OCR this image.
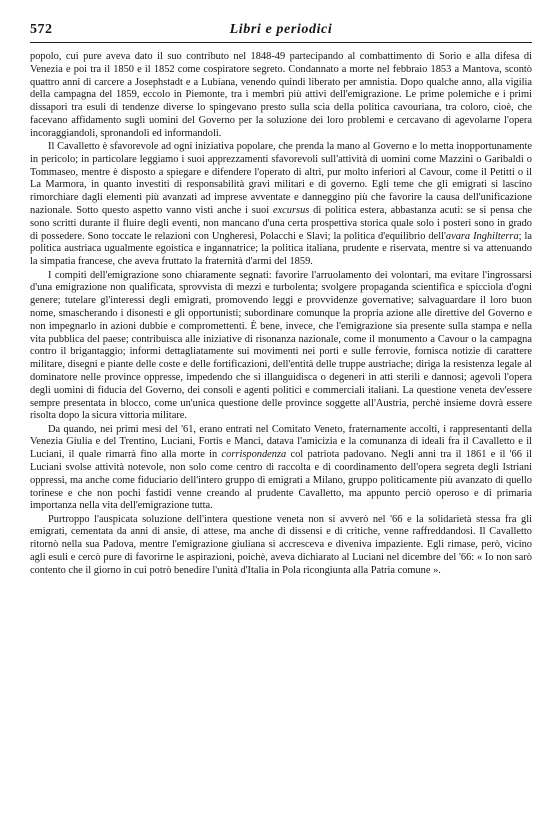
572	Libri e periodici

popolo, cui pure aveva dato il suo contributo nel 1848-49 partecipando al combattimento di Sorio e alla difesa di Venezia e poi tra il 1850 e il 1852 come cospiratore segreto. Condannato a morte nel febbraio 1853 a Mantova, scontò quattro anni di carcere a Josephstadt e a Lubiana, venendo quindi liberato per amnistia. Dopo qualche anno, alla vigilia della campagna del 1859, eccolo in Piemonte, tra i membri più attivi dell'emigrazione. Le prime polemiche e i primi dissapori tra esuli di tendenze diverse lo spingevano presto sulla scia della politica cavouriana, tra coloro, cioè, che facevano affidamento sugli uomini del Governo per la soluzione dei loro problemi e cercavano di agevolarne l'opera incoraggiandoli, spronandoli ed informandoli.

Il Cavalletto è sfavorevole ad ogni iniziativa popolare, che prenda la mano al Governo e lo metta inopportunamente in pericolo; in particolare leggiamo i suoi apprezzamenti sfavorevoli sull'attività di uomini come Mazzini o Garibaldi o Tommaseo, mentre è disposto a spiegare e difendere l'operato di altri, pur molto inferiori al Cavour, come il Petitti o il La Marmora, in quanto investiti di responsabilità gravi militari e di governo. Egli teme che gli emigrati si lascino rimorchiare dagli elementi più avanzati ad imprese avventate e danneggino più che favorire la causa dell'unificazione nazionale. Sotto questo aspetto vanno visti anche i suoi excursus di politica estera, abbastanza acuti: se si pensa che sono scritti durante il fluire degli eventi, non mancano d'una certa prospettiva storica quale solo i posteri sono in grado di possedere. Sono toccate le relazioni con Ungheresi, Polacchi e Slavi; la politica d'equilibrio dell'avara Inghilterra; la politica austriaca ugualmente egoistica e ingannatrice; la politica italiana, prudente e riservata, mentre si va attenuando la simpatia francese, che aveva fruttato la fraternità d'armi del 1859.

I compiti dell'emigrazione sono chiaramente segnati: favorire l'arruolamento dei volontari, ma evitare l'ingrossarsi d'una emigrazione non qualificata, sprovvista di mezzi e turbolenta; svolgere propaganda scientifica e spicciola d'ogni genere; tutelare gl'interessi degli emigrati, promovendo leggi e provvidenze governative; salvaguardare il loro buon nome, smascherando i disonesti e gli opportunisti; subordinare comunque la propria azione alle direttive del Governo e non impegnarlo in azioni dubbie e compromettenti. È bene, invece, che l'emigrazione sia presente sulla stampa e nella vita pubblica del paese; contribuisca alle iniziative di risonanza nazionale, come il monumento a Cavour o la campagna contro il brigantaggio; informi dettagliatamente sui movimenti nei porti e sulle ferrovie, fornisca notizie di carattere militare, disegni e piante delle coste e delle fortificazioni, dell'entità delle truppe austriache; diriga la resistenza legale al dominatore nelle province oppresse, impedendo che si illanguidisca o degeneri in atti sterili e dannosi; agevoli l'opera degli uomini di fiducia del Governo, dei consoli e agenti politici e commerciali italiani. La questione veneta dev'essere sempre presentata in blocco, come un'unica questione delle province soggette all'Austria, perchè insieme dovrà essere risolta dopo la sicura vittoria militare.

Da quando, nei primi mesi del '61, erano entrati nel Comitato Veneto, fraternamente accolti, i rappresentanti della Venezia Giulia e del Trentino, Luciani, Fortis e Manci, datava l'amicizia e la comunanza di ideali fra il Cavalletto e il Luciani, il quale rimarrà fino alla morte in corrispondenza col patriota padovano. Negli anni tra il 1861 e il '66 il Luciani svolse attività notevole, non solo come centro di raccolta e di coordinamento dell'opera segreta degli Istriani oppressi, ma anche come fiduciario dell'intero gruppo di emigrati a Milano, gruppo politicamente più avanzato di quello torinese e che non pochi fastidi venne creando al prudente Cavalletto, ma appunto perciò operoso e di primaria importanza nella vita dell'emigrazione tutta.

Purtroppo l'auspicata soluzione dell'intera questione veneta non si avverò nel '66 e la solidarietà stessa fra gli emigrati, cementata da anni di ansie, di attese, ma anche di dissensi e di critiche, venne raffreddandosi. Il Cavalletto ritornò nella sua Padova, mentre l'emigrazione giuliana si accresceva e diveniva impaziente. Egli rimase, però, vicino agli esuli e cercò pure di favorirne le aspirazioni, poichè, aveva dichiarato al Luciani nel dicembre del '66: « Io non sarò contento che il giorno in cui potrò benedire l'unità d'Italia in Pola ricongiunta alla Patria comune ».
